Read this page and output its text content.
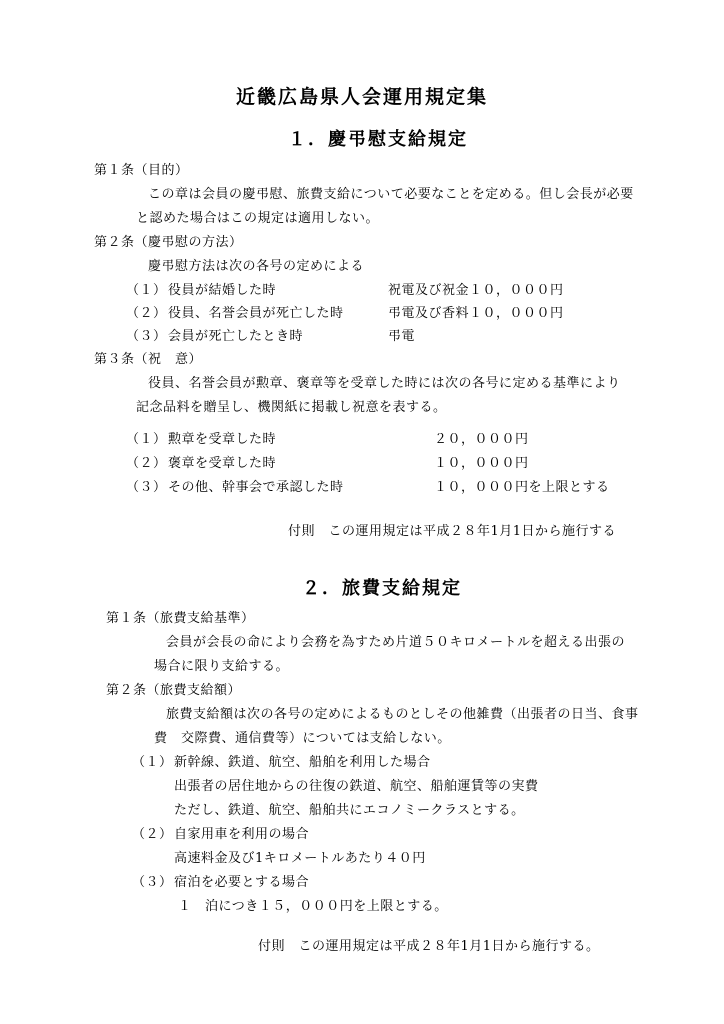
近畿広島県人会運用規定集
１．慶弔慰支給規定
第１条（目的）
この章は会員の慶弔慰、旅費支給について必要なことを定める。但し会長が必要
と認めた場合はこの規定は適用しない。
第２条（慶弔慰の方法）
慶弔慰方法は次の各号の定めによる
（１） 役員が結婚した時	祝電及び祝金１０，０００円
（２） 役員、名誉会員が死亡した時	弔電及び香料１０，０００円
（３） 会員が死亡したとき時	弔電
第３条（祝　意）
役員、名誉会員が勲章、褒章等を受章した時には次の各号に定める基準により
記念品料を贈呈し、機関紙に掲載し祝意を表する。
（１） 勲章を受章した時	２０，０００円
（２） 褒章を受章した時	１０，０００円
（３） その他、幹事会で承認した時	１０，０００円を上限とする
付則　この運用規定は平成２８年1月1日から施行する
２．旅費支給規定
第１条（旅費支給基準）
会員が会長の命により会務を為すため片道５０キロメートルを超える出張の
場合に限り支給する。
第２条（旅費支給額）
旅費支給額は次の各号の定めによるものとしその他雑費（出張者の日当、食事
費　交際費、通信費等）については支給しない。
（１） 新幹線、鉄道、航空、船舶を利用した場合
出張者の居住地からの往復の鉄道、航空、船舶運賃等の実費
ただし、鉄道、航空、船舶共にエコノミークラスとする。
（２） 自家用車を利用の場合
高速料金及び1キロメートルあたり４０円
（３） 宿泊を必要とする場合
１　泊につき１５，０００円を上限とする。
付則　この運用規定は平成２８年1月1日から施行する。
